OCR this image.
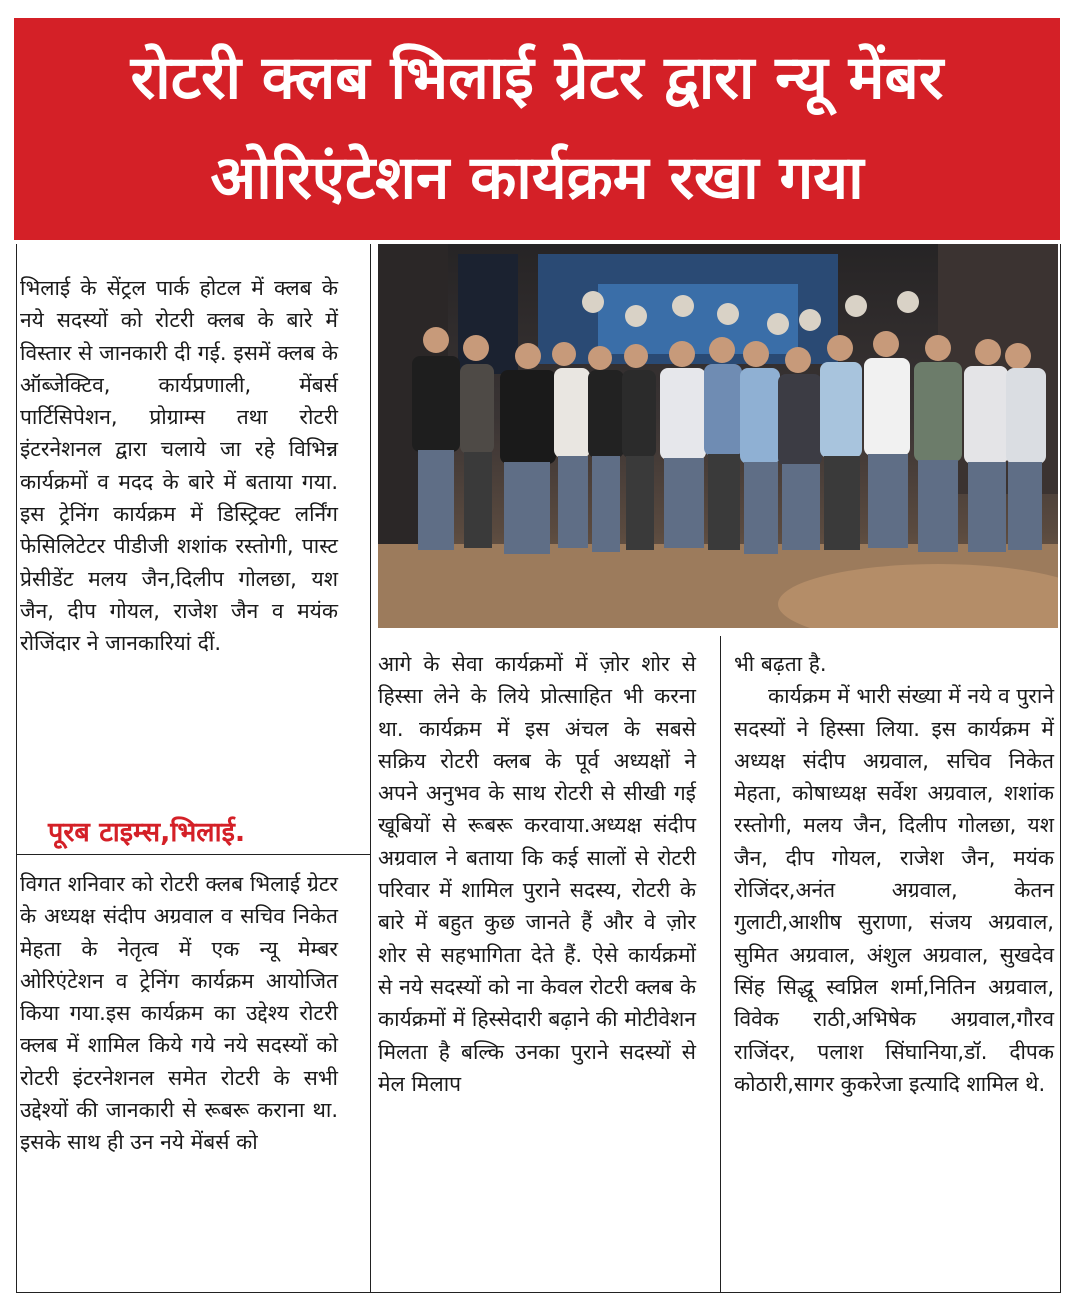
रोटरी क्लब भिलाई ग्रेटर द्वारा न्यू मेंबर
ओरिएंटेशन कार्यक्रम रखा गया

भिलाई के सेंट्रल पार्क होटल में क्लब के नये सदस्यों को रोटरी क्लब के बारे में विस्तार से जानकारी दी गई. इसमें क्लब के ऑब्जेक्टिव, कार्यप्रणाली, मेंबर्स पार्टिसिपेशन, प्रोग्राम्स तथा रोटरी इंटरनेशनल द्वारा चलाये जा रहे विभिन्न कार्यक्रमों व मदद के बारे में बताया गया. इस ट्रेनिंग कार्यक्रम में डिस्ट्रिक्ट लर्निंग फेसिलिटेटर पीडीजी शशांक रस्तोगी, पास्ट प्रेसीडेंट मलय जैन,दिलीप गोलछा, यश जैन, दीप गोयल, राजेश जैन व मयंक रोजिंदार ने जानकारियां दीं.

पूरब टाइम्स,भिलाई.

विगत शनिवार को रोटरी क्लब भिलाई ग्रेटर के अध्यक्ष संदीप अग्रवाल व सचिव निकेत मेहता के नेतृत्व में एक न्यू मेम्बर ओरिएंटेशन व ट्रेनिंग कार्यक्रम आयोजित किया गया.इस कार्यक्रम का उद्देश्य रोटरी क्लब में शामिल किये गये नये सदस्यों को रोटरी इंटरनेशनल समेत रोटरी के सभी उद्देश्यों की जानकारी से रूबरू कराना था. इसके साथ ही उन नये मेंबर्स को

आगे के सेवा कार्यक्रमों में ज़ोर शोर से हिस्सा लेने के लिये प्रोत्साहित भी करना था. कार्यक्रम में इस अंचल के सबसे सक्रिय रोटरी क्लब के पूर्व अध्यक्षों ने अपने अनुभव के साथ रोटरी से सीखी गई खूबियों से रूबरू करवाया.अध्यक्ष संदीप अग्रवाल ने बताया कि कई सालों से रोटरी परिवार में शामिल पुराने सदस्य, रोटरी के बारे में बहुत कुछ जानते हैं और वे ज़ोर शोर से सहभागिता देते हैं. ऐसे कार्यक्रमों से नये सदस्यों को ना केवल रोटरी क्लब के कार्यक्रमों में हिस्सेदारी बढ़ाने की मोटीवेशन मिलता है बल्कि उनका पुराने सदस्यों से मेल मिलाप

भी बढ़ता है.

कार्यक्रम में भारी संख्या में नये व पुराने सदस्यों ने हिस्सा लिया. इस कार्यक्रम में अध्यक्ष संदीप अग्रवाल, सचिव निकेत मेहता, कोषाध्यक्ष सर्वेश अग्रवाल, शशांक रस्तोगी, मलय जैन, दिलीप गोलछा, यश जैन, दीप गोयल, राजेश जैन, मयंक रोजिंदर,अनंत अग्रवाल, केतन गुलाटी,आशीष सुराणा, संजय अग्रवाल, सुमित अग्रवाल, अंशुल अग्रवाल, सुखदेव सिंह सिद्धू स्वप्निल शर्मा,नितिन अग्रवाल, विवेक राठी,अभिषेक अग्रवाल,गौरव राजिंदर, पलाश सिंघानिया,डॉ. दीपक कोठारी,सागर कुकरेजा इत्यादि शामिल थे.
